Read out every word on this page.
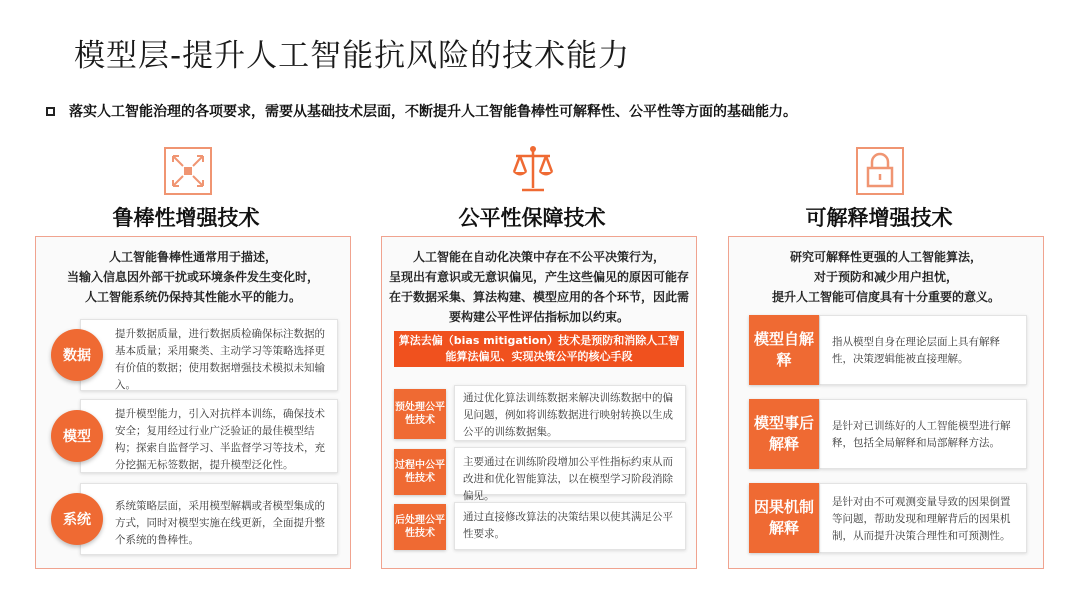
模型层-提升人工智能抗风险的技术能力
落实人工智能治理的各项要求，需要从基础技术层面，不断提升人工智能鲁棒性可解释性、公平性等方面的基础能力。
鲁棒性增强技术
人工智能鲁棒性通常用于描述，
当输入信息因外部干扰或环境条件发生变化时，
人工智能系统仍保持其性能水平的能力。
提升数据质量，进行数据质检确保标注数据的基本质量；采用聚类、主动学习等策略选择更有价值的数据；使用数据增强技术模拟未知输入。
数据
提升模型能力，引入对抗样本训练，确保技术安全；复用经过行业广泛验证的最佳模型结构；探索自监督学习、半监督学习等技术，充分挖掘无标签数据，提升模型泛化性。
模型
系统策略层面，采用模型解耦或者模型集成的方式，同时对模型实施在线更新，全面提升整个系统的鲁棒性。
系统
公平性保障技术
人工智能在自动化决策中存在不公平决策行为，
呈现出有意识或无意识偏见，产生这些偏见的原因可能存在于数据采集、算法构建、模型应用的各个环节，因此需要构建公平性评估指标加以约束。
算法去偏（bias mitigation）技术是预防和消除人工智能算法偏见、实现决策公平的核心手段
通过优化算法训练数据来解决训练数据中的偏见问题，例如将训练数据进行映射转换以生成公平的训练数据集。
预处理公平性技术
主要通过在训练阶段增加公平性指标约束从而改进和优化智能算法，以在模型学习阶段消除偏见。
过程中公平性技术
通过直接修改算法的决策结果以使其满足公平性要求。
后处理公平性技术
可解释增强技术
研究可解释性更强的人工智能算法，
对于预防和减少用户担忧，
提升人工智能可信度具有十分重要的意义。
指从模型自身在理论层面上具有解释性，决策逻辑能被直接理解。
模型自解释
是针对已训练好的人工智能模型进行解释，包括全局解释和局部解释方法。
模型事后解释
是针对由不可观测变量导致的因果倒置等问题，帮助发现和理解背后的因果机制，从而提升决策合理性和可预测性。
因果机制解释
